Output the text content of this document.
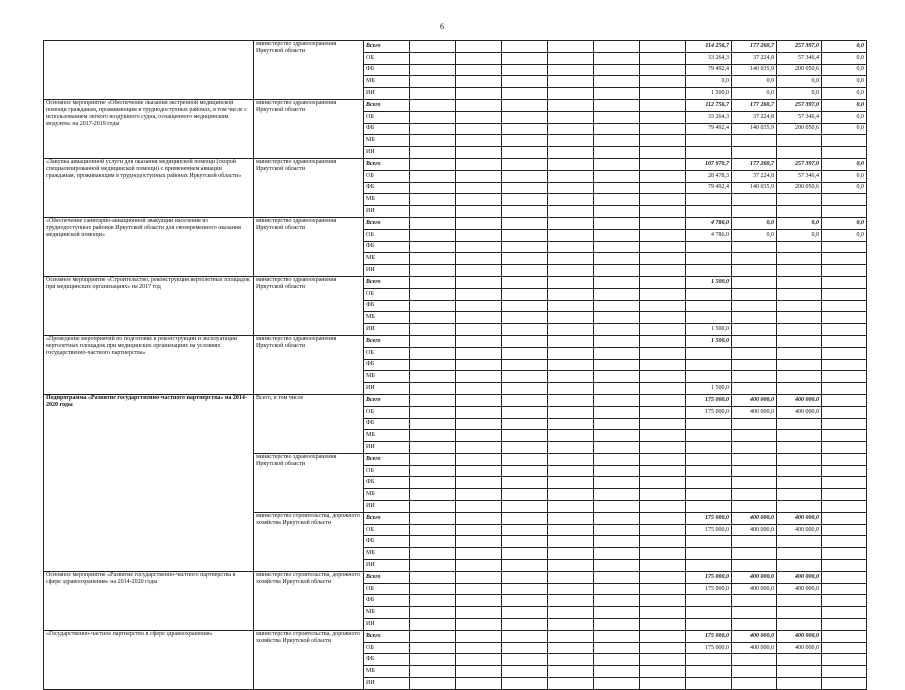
6
	министерство здравоохранения Иркутской области	Всего							114 256,7	177 260,7	257 397,0	0,0
		ОБ							33 264,3	37 224,8	57 346,4	0,0
		ФБ							79 492,4	140 035,9	200 050,6	0,0
		МБ							0,0	0,0	0,0	0,0
		ИИ							1 500,0	0,0	0,0	0,0
Основное мероприятие «Обеспечение оказания экстренной медицинской помощи гражданам, проживающим в труднодоступных районах, в том числе с использованием легкого воздушного судна, оснащенного медицинским модулем» на 2017-2019 годы	министерство здравоохранения Иркутской области	Всего							112 756,7	177 260,7	257 397,0	0,0
		ОБ							33 264,3	37 224,8	57 346,4	0,0
		ФБ							79 492,4	140 035,9	200 050,6	0,0
		МБ										
		ИИ										
«Закупка авиационной услуги для оказания медицинской помощи (скорой специализированной медицинской помощи) с применением авиации гражданам, проживающим в труднодоступных районах Иркутской области»	министерство здравоохранения Иркутской области	Всего							107 970,7	177 260,7	257 397,0	0,0
		ОБ							28 478,3	37 224,8	57 346,4	0,0
		ФБ							79 492,4	140 035,9	200 050,6	0,0
		МБ										
		ИИ										
«Обеспечение санитарно-авиационной эвакуации населения из труднодоступных районов Иркутской области для своевременного оказания медицинской помощи»	министерство здравоохранения Иркутской области	Всего							4 786,0	0,0	0,0	0,0
		ОБ							4 786,0	0,0	0,0	0,0
		ФБ										
		МБ										
		ИИ										
Основное мероприятие «Строительство, реконструкция вертолетных площадок при медицинских организациях» на 2017 год	министерство здравоохранения Иркутской области	Всего							1 500,0			
		ОБ										
		ФБ										
		МБ										
		ИИ							1 500,0			
«Проведение мероприятий по подготовке к реконструкции и эксплуатации вертолетных площадок при медицинских организациях на условиях государственно-частного партнерства»	министерство здравоохранения Иркутской области	Всего							1 500,0			
		ОБ										
		ФБ										
		МБ										
		ИИ							1 500,0			
Подпрограмма «Развитие государственно-частного партнерства» на 2014-2020 годы	Всего, в том числе	Всего							175 000,0	400 000,0	400 000,0	
		ОБ							175 000,0	400 000,0	400 000,0	
		ФБ										
		МБ										
		ИИ										
	министерство здравоохранения Иркутской области	Всего										
		ОБ										
		ФБ										
		МБ										
		ИИ										
	министерство строительства, дорожного хозяйства Иркутской области	Всего							175 000,0	400 000,0	400 000,0	
		ОБ							175 000,0	400 000,0	400 000,0	
		ФБ										
		МБ										
		ИИ										
Основное мероприятие «Развитие государственно-частного партнерства в сфере здравоохранения» на 2014-2020 годы	министерство строительства, дорожного хозяйства Иркутской области	Всего							175 000,0	400 000,0	400 000,0	
		ОБ							175 000,0	400 000,0	400 000,0	
		ФБ										
		МБ										
		ИИ										
«Государственно-частное партнерство в сфере здравоохранения»	министерство строительства, дорожного хозяйства Иркутской области	Всего							175 000,0	400 000,0	400 000,0	
		ОБ							175 000,0	400 000,0	400 000,0	
		ФБ										
		МБ										
		ИИ										
